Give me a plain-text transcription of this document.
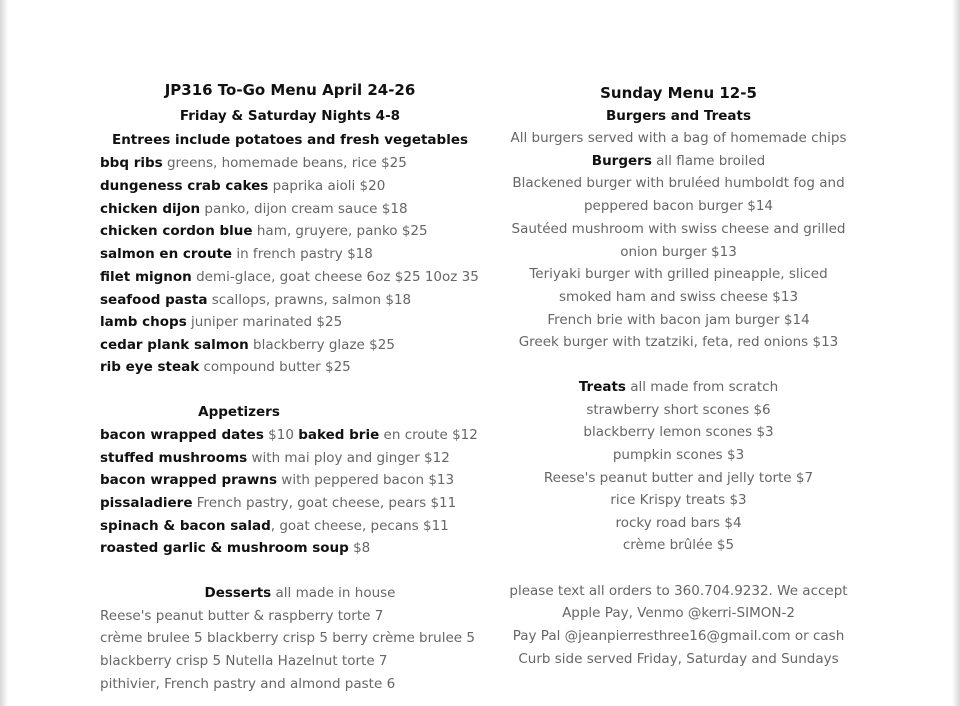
JP316 To-Go Menu April 24-26
Friday & Saturday Nights 4-8
Entrees include potatoes and fresh vegetables
bbq ribs greens, homemade beans, rice $25
dungeness crab cakes paprika aioli $20
chicken dijon panko, dijon cream sauce $18
chicken cordon blue ham, gruyere, panko $25
salmon en croute in french pastry $18
filet mignon demi-glace, goat cheese 6oz $25 10oz 35
seafood pasta scallops, prawns, salmon $18
lamb chops juniper marinated $25
cedar plank salmon blackberry glaze $25
rib eye steak compound butter $25
Appetizers
bacon wrapped dates $10 baked brie en croute $12
stuffed mushrooms with mai ploy and ginger $12
bacon wrapped prawns with peppered bacon $13
pissaladiere French pastry, goat cheese, pears $11
spinach & bacon salad, goat cheese, pecans $11
roasted garlic & mushroom soup $8
Desserts all made in house
Reese's peanut butter & raspberry torte 7
crème brulee 5 blackberry crisp 5 berry crème brulee 5
blackberry crisp 5 Nutella Hazelnut torte 7
pithivier, French pastry and almond paste 6
Sunday Menu 12-5
Burgers and Treats
All burgers served with a bag of homemade chips
Burgers all flame broiled
Blackened burger with bruléed humboldt fog and
peppered bacon burger $14
Sautéed mushroom with swiss cheese and grilled
onion burger $13
Teriyaki burger with grilled pineapple, sliced
smoked ham and swiss cheese $13
French brie with bacon jam burger $14
Greek burger with tzatziki, feta, red onions $13
Treats all made from scratch
strawberry short scones $6
blackberry lemon scones $3
pumpkin scones $3
Reese's peanut butter and jelly torte $7
rice Krispy treats $3
rocky road bars $4
crème brûlée $5
please text all orders to 360.704.9232. We accept
Apple Pay, Venmo @kerri-SIMON-2
Pay Pal @jeanpierresthree16@gmail.com or cash
Curb side served Friday, Saturday and Sundays
